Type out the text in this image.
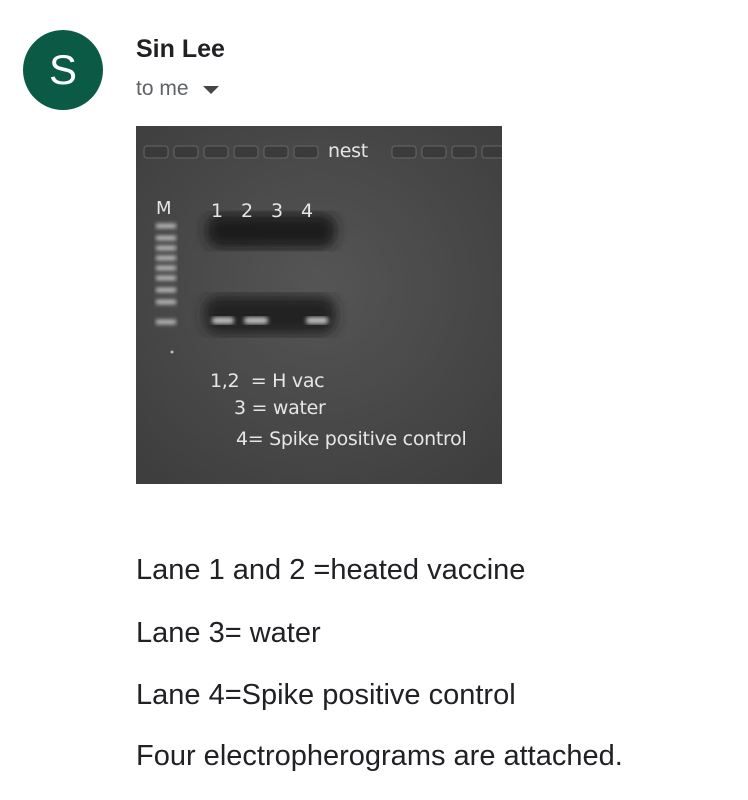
S Sin Lee
to me
nest
M 1 2 3 4
1,2  = H vac
3 = water
4= Spike positive control
Lane 1 and 2 =heated vaccine
Lane 3= water
Lane 4=Spike positive control
Four electropherograms are attached.
